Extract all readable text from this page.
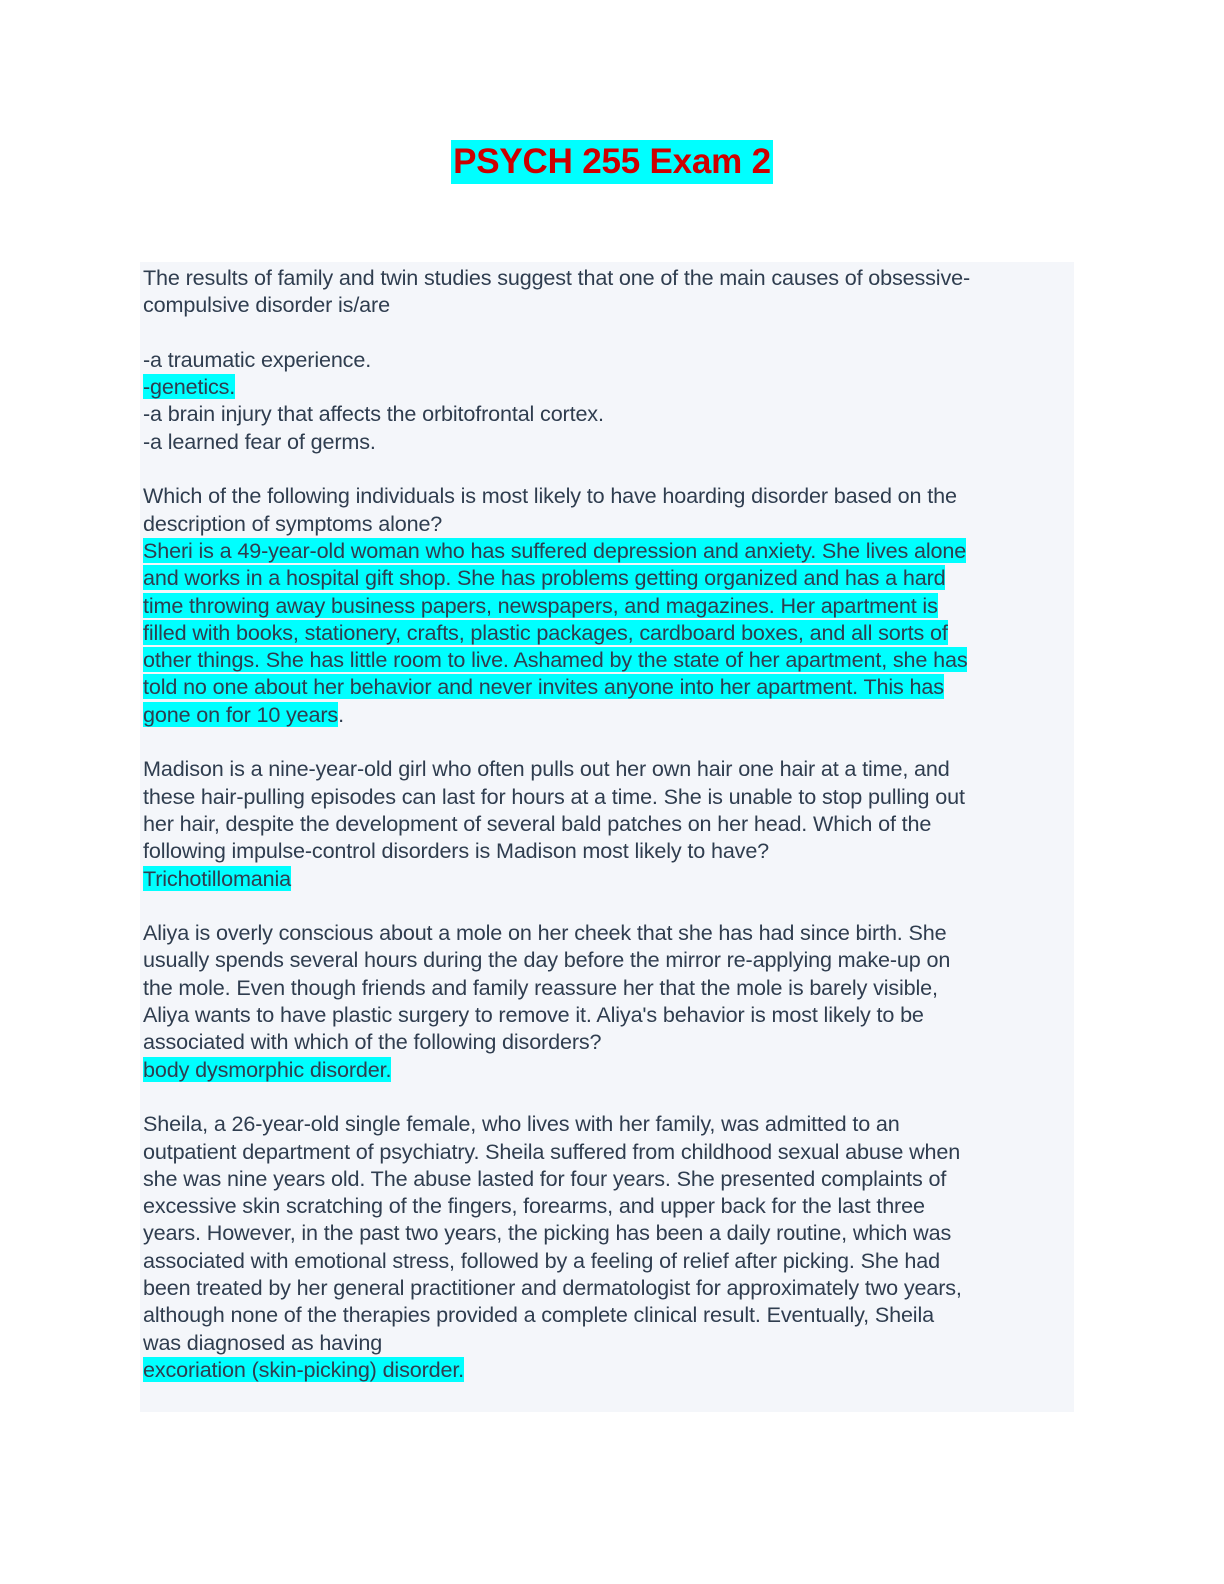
PSYCH 255 Exam 2
The results of family and twin studies suggest that one of the main causes of obsessive-
compulsive disorder is/are
-a traumatic experience.
-genetics.
-a brain injury that affects the orbitofrontal cortex.
-a learned fear of germs.
Which of the following individuals is most likely to have hoarding disorder based on the
description of symptoms alone?
Sheri is a 49-year-old woman who has suffered depression and anxiety. She lives alone
and works in a hospital gift shop. She has problems getting organized and has a hard
time throwing away business papers, newspapers, and magazines. Her apartment is
filled with books, stationery, crafts, plastic packages, cardboard boxes, and all sorts of
other things. She has little room to live. Ashamed by the state of her apartment, she has
told no one about her behavior and never invites anyone into her apartment. This has
gone on for 10 years.
Madison is a nine-year-old girl who often pulls out her own hair one hair at a time, and
these hair-pulling episodes can last for hours at a time. She is unable to stop pulling out
her hair, despite the development of several bald patches on her head. Which of the
following impulse-control disorders is Madison most likely to have?
Trichotillomania
Aliya is overly conscious about a mole on her cheek that she has had since birth. She
usually spends several hours during the day before the mirror re-applying make-up on
the mole. Even though friends and family reassure her that the mole is barely visible,
Aliya wants to have plastic surgery to remove it. Aliya's behavior is most likely to be
associated with which of the following disorders?
body dysmorphic disorder.
Sheila, a 26-year-old single female, who lives with her family, was admitted to an
outpatient department of psychiatry. Sheila suffered from childhood sexual abuse when
she was nine years old. The abuse lasted for four years. She presented complaints of
excessive skin scratching of the fingers, forearms, and upper back for the last three
years. However, in the past two years, the picking has been a daily routine, which was
associated with emotional stress, followed by a feeling of relief after picking. She had
been treated by her general practitioner and dermatologist for approximately two years,
although none of the therapies provided a complete clinical result. Eventually, Sheila
was diagnosed as having
excoriation (skin-picking) disorder.
